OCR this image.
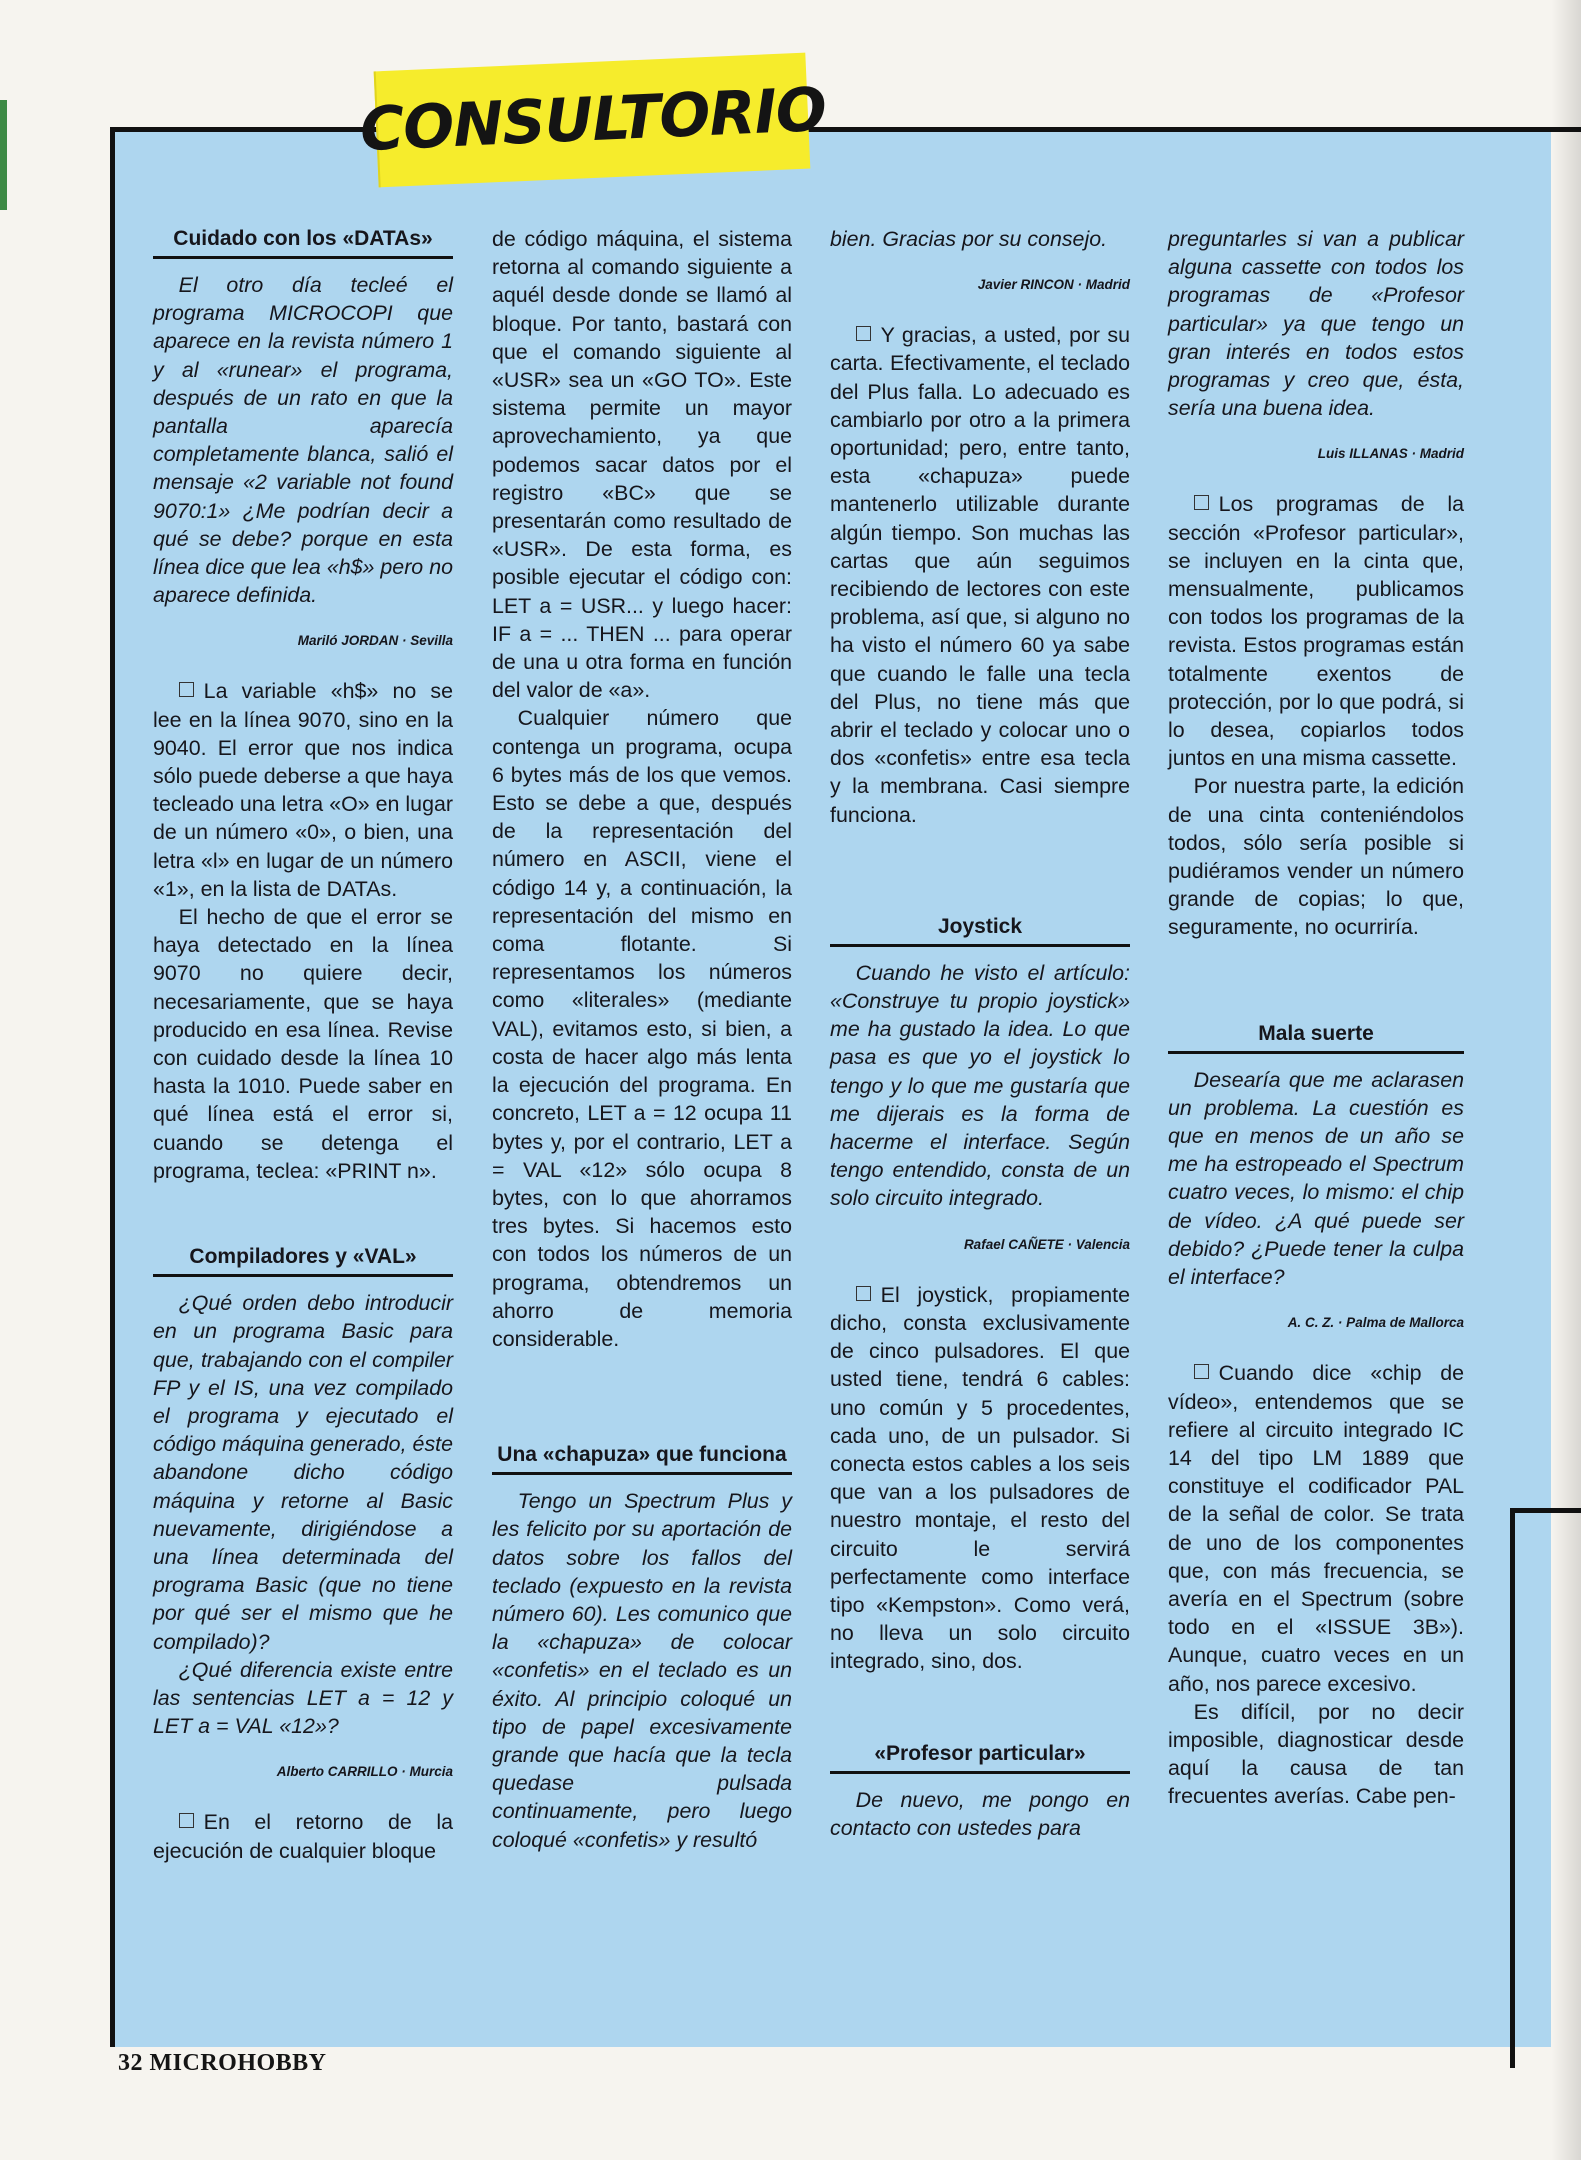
CONSULTORIO
Cuidado con los «DATAs»

El otro día tecleé el programa MICROCOPI que aparece en la revista número 1 y al «runear» el programa, después de un rato en que la pantalla aparecía completamente blanca, salió el mensaje «2 variable not found 9070:1» ¿Me podrían decir a qué se debe? porque en esta línea dice que lea «h$» pero no aparece definida.

Mariló JORDAN · Sevilla

La variable «h$» no se lee en la línea 9070, sino en la 9040. El error que nos indica sólo puede deberse a que haya tecleado una letra «O» en lugar de un número «0», o bien, una letra «l» en lugar de un número «1», en la lista de DATAs.

El hecho de que el error se haya detectado en la línea 9070 no quiere decir, necesariamente, que se haya producido en esa línea. Revise con cuidado desde la línea 10 hasta la 1010. Puede saber en qué línea está el error si, cuando se detenga el programa, teclea: «PRINT n».

Compiladores y «VAL»

¿Qué orden debo introducir en un programa Basic para que, trabajando con el compiler FP y el IS, una vez compilado el programa y ejecutado el código máquina generado, éste abandone dicho código máquina y retorne al Basic nuevamente, dirigiéndose a una línea determinada del programa Basic (que no tiene por qué ser el mismo que he compilado)?

¿Qué diferencia existe entre las sentencias LET a = 12 y LET a = VAL «12»?

Alberto CARRILLO · Murcia

En el retorno de la ejecución de cualquier bloque

de código máquina, el sistema retorna al comando siguiente a aquél desde donde se llamó al bloque. Por tanto, bastará con que el comando siguiente al «USR» sea un «GO TO». Este sistema permite un mayor aprovechamiento, ya que podemos sacar datos por el registro «BC» que se presentarán como resultado de «USR». De esta forma, es posible ejecutar el código con: LET a = USR... y luego hacer: IF a = ... THEN ... para operar de una u otra forma en función del valor de «a».

Cualquier número que contenga un programa, ocupa 6 bytes más de los que vemos. Esto se debe a que, después de la representación del número en ASCII, viene el código 14 y, a continuación, la representación del mismo en coma flotante. Si representamos los números como «literales» (mediante VAL), evitamos esto, si bien, a costa de hacer algo más lenta la ejecución del programa. En concreto, LET a = 12 ocupa 11 bytes y, por el contrario, LET a = VAL «12» sólo ocupa 8 bytes, con lo que ahorramos tres bytes. Si hacemos esto con todos los números de un programa, obtendremos un ahorro de memoria considerable.

Una «chapuza» que funciona

Tengo un Spectrum Plus y les felicito por su aportación de datos sobre los fallos del teclado (expuesto en la revista número 60). Les comunico que la «chapuza» de colocar «confetis» en el teclado es un éxito. Al principio coloqué un tipo de papel excesivamente grande que hacía que la tecla quedase pulsada continuamente, pero luego coloqué «confetis» y resultó

bien. Gracias por su consejo.

Javier RINCON · Madrid

Y gracias, a usted, por su carta. Efectivamente, el teclado del Plus falla. Lo adecuado es cambiarlo por otro a la primera oportunidad; pero, entre tanto, esta «chapuza» puede mantenerlo utilizable durante algún tiempo. Son muchas las cartas que aún seguimos recibiendo de lectores con este problema, así que, si alguno no ha visto el número 60 ya sabe que cuando le falle una tecla del Plus, no tiene más que abrir el teclado y colocar uno o dos «confetis» entre esa tecla y la membrana. Casi siempre funciona.

Joystick

Cuando he visto el artículo: «Construye tu propio joystick» me ha gustado la idea. Lo que pasa es que yo el joystick lo tengo y lo que me gustaría que me dijerais es la forma de hacerme el interface. Según tengo entendido, consta de un solo circuito integrado.

Rafael CAÑETE · Valencia

El joystick, propiamente dicho, consta exclusivamente de cinco pulsadores. El que usted tiene, tendrá 6 cables: uno común y 5 procedentes, cada uno, de un pulsador. Si conecta estos cables a los seis que van a los pulsadores de nuestro montaje, el resto del circuito le servirá perfectamente como interface tipo «Kempston». Como verá, no lleva un solo circuito integrado, sino, dos.

«Profesor particular»

De nuevo, me pongo en contacto con ustedes para

preguntarles si van a publicar alguna cassette con todos los programas de «Profesor particular» ya que tengo un gran interés en todos estos programas y creo que, ésta, sería una buena idea.

Luis ILLANAS · Madrid

Los programas de la sección «Profesor particular», se incluyen en la cinta que, mensualmente, publicamos con todos los programas de la revista. Estos programas están totalmente exentos de protección, por lo que podrá, si lo desea, copiarlos todos juntos en una misma cassette.

Por nuestra parte, la edición de una cinta conteniéndolos todos, sólo sería posible si pudiéramos vender un número grande de copias; lo que, seguramente, no ocurriría.

Mala suerte

Desearía que me aclarasen un problema. La cuestión es que en menos de un año se me ha estropeado el Spectrum cuatro veces, lo mismo: el chip de vídeo. ¿A qué puede ser debido? ¿Puede tener la culpa el interface?

A. C. Z. · Palma de Mallorca

Cuando dice «chip de vídeo», entendemos que se refiere al circuito integrado IC 14 del tipo LM 1889 que constituye el codificador PAL de la señal de color. Se trata de uno de los componentes que, con más frecuencia, se avería en el Spectrum (sobre todo en el «ISSUE 3B»). Aunque, cuatro veces en un año, nos parece excesivo.

Es difícil, por no decir imposible, diagnosticar desde aquí la causa de tan frecuentes averías. Cabe pen-

32 MICROHOBBY
